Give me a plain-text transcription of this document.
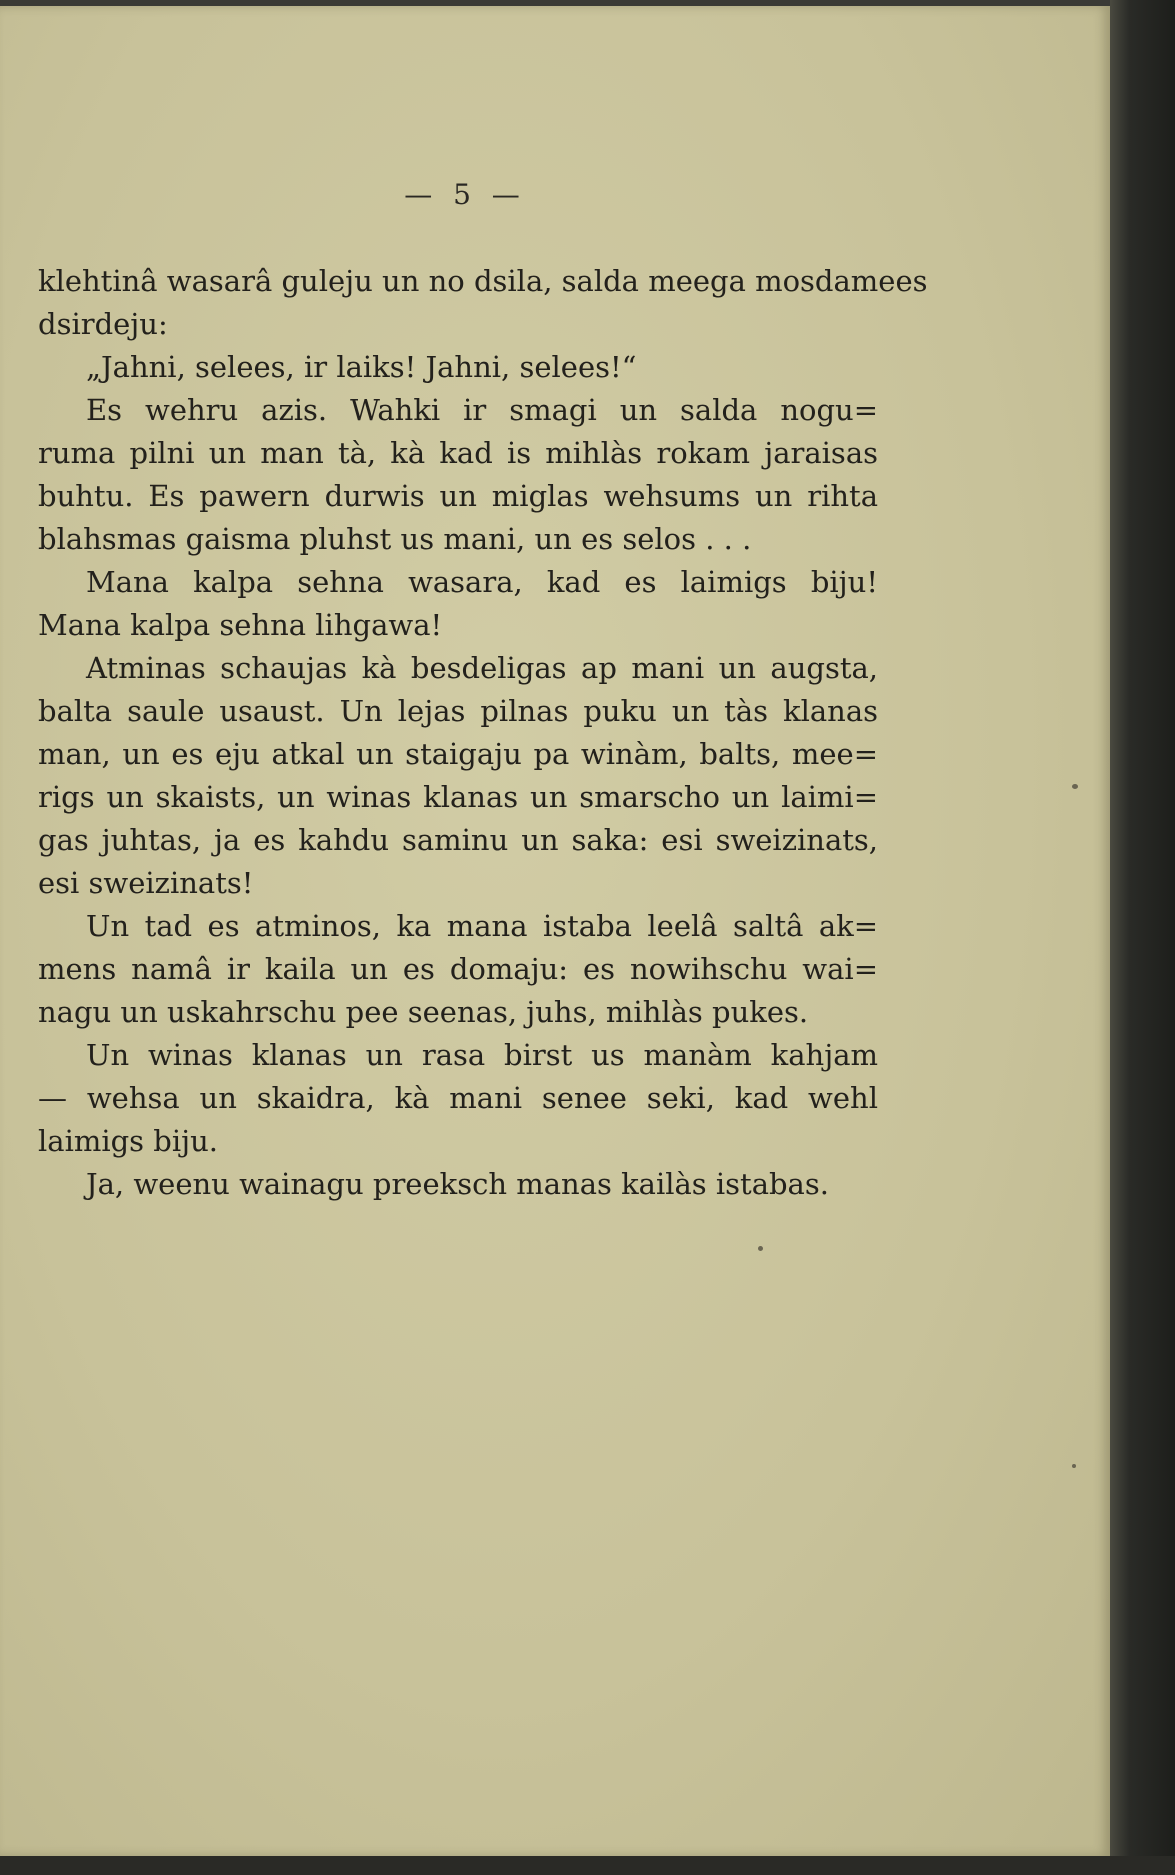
— 5 —
klehtinâ wasarâ guleju un no dsila, salda meega mosdamees
dsirdeju:
„Jahni, selees, ir laiks! Jahni, selees!“
Es wehru azis. Wahki ir smagi un salda nogu=
ruma pilni un man tà, kà kad is mihlàs rokam jaraisas
buhtu. Es pawern durwis un miglas wehsums un rihta
blahsmas gaisma pluhst us mani, un es selos . . .
Mana kalpa sehna wasara, kad es laimigs biju!
Mana kalpa sehna lihgawa!
Atminas schaujas kà besdeligas ap mani un augsta,
balta saule usaust. Un lejas pilnas puku un tàs klanas
man, un es eju atkal un staigaju pa winàm, balts, mee=
rigs un skaists, un winas klanas un smarscho un laimi=
gas juhtas, ja es kahdu saminu un saka: esi sweizinats,
esi sweizinats!
Un tad es atminos, ka mana istaba leelâ saltâ ak=
mens namâ ir kaila un es domaju: es nowihschu wai=
nagu un uskahrschu pee seenas, juhs, mihlàs pukes.
Un winas klanas un rasa birst us manàm kahjam
— wehsa un skaidra, kà mani senee seki, kad wehl
laimigs biju.
Ja, weenu wainagu preeksch manas kailàs istabas.
